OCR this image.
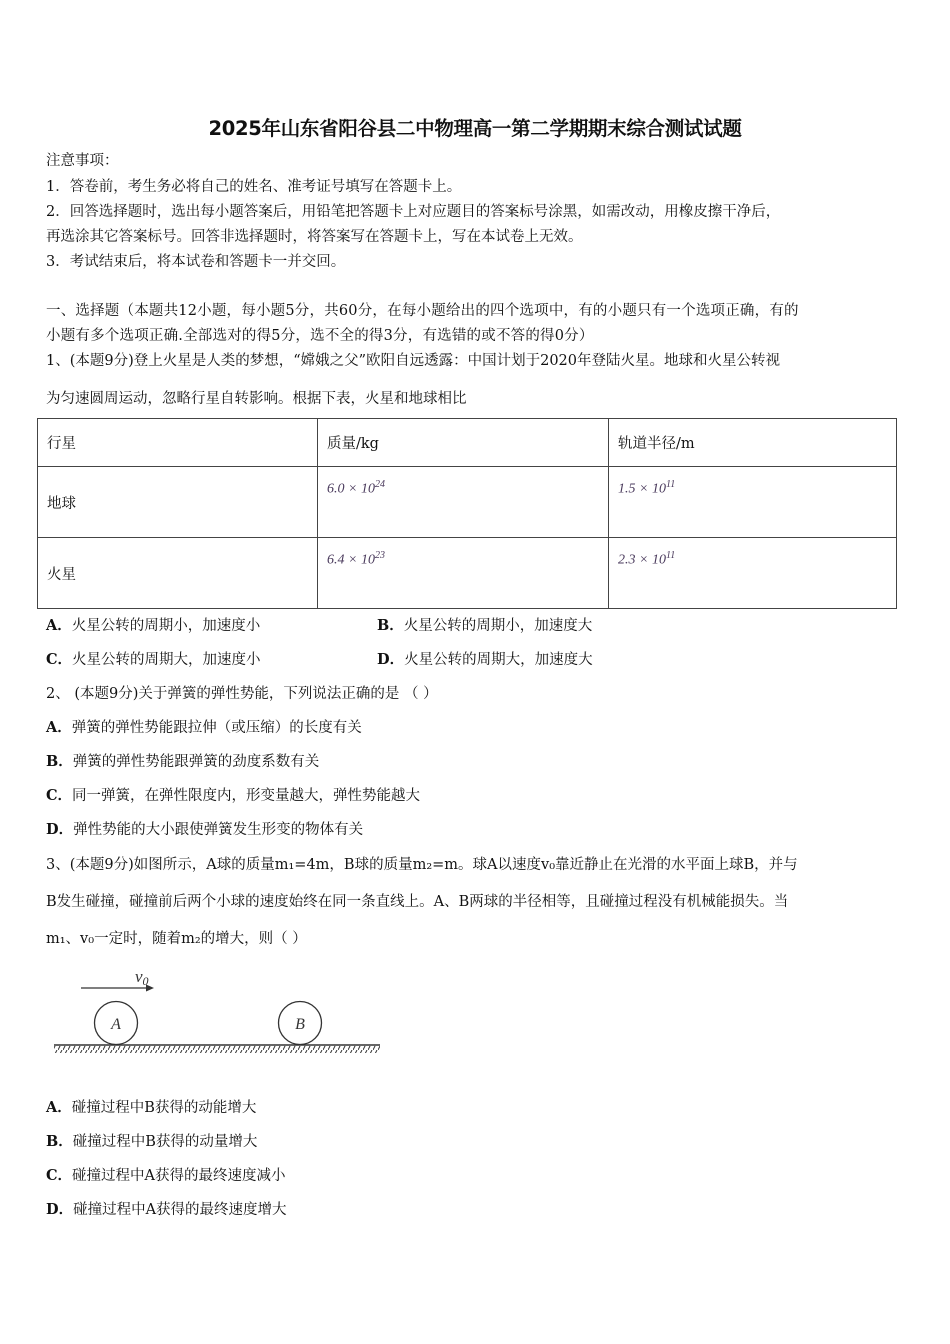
2025年山东省阳谷县二中物理高一第二学期期末综合测试试题
注意事项：
1．答卷前，考生务必将自己的姓名、准考证号填写在答题卡上。
2．回答选择题时，选出每小题答案后，用铅笔把答题卡上对应题目的答案标号涂黑，如需改动，用橡皮擦干净后，
再选涂其它答案标号。回答非选择题时，将答案写在答题卡上，写在本试卷上无效。
3．考试结束后，将本试卷和答题卡一并交回。
一、选择题（本题共12小题，每小题5分，共60分，在每小题给出的四个选项中，有的小题只有一个选项正确，有的
小题有多个选项正确.全部选对的得5分，选不全的得3分，有选错的或不答的得0分）
1、(本题9分)登上火星是人类的梦想，“嫦娥之父”欧阳自远透露：中国计划于2020年登陆火星。地球和火星公转视
为匀速圆周运动，忽略行星自转影响。根据下表，火星和地球相比
行星	质量/kg	轨道半径/m
地球	$6.0 \times 10^{24}$	$1.5 \times 10^{11}$
火星	$6.4 \times 10^{23}$	$2.3 \times 10^{11}$
A．火星公转的周期小，加速度小	B．火星公转的周期小，加速度大
C．火星公转的周期大，加速度小	D．火星公转的周期大，加速度大
2、 (本题9分)关于弹簧的弹性势能，下列说法正确的是 （ ）
A．弹簧的弹性势能跟拉伸（或压缩）的长度有关
B．弹簧的弹性势能跟弹簧的劲度系数有关
C．同一弹簧，在弹性限度内，形变量越大，弹性势能越大
D．弹性势能的大小跟使弹簧发生形变的物体有关
3、(本题9分)如图所示，A球的质量m₁=4m，B球的质量m₂=m。球A以速度v₀靠近静止在光滑的水平面上球B，并与
B发生碰撞，碰撞前后两个小球的速度始终在同一条直线上。A、B两球的半径相等，且碰撞过程没有机械能损失。当
m₁、v₀一定时，随着m₂的增大，则（ ）
v0
A	B
A．碰撞过程中B获得的动能增大
B．碰撞过程中B获得的动量增大
C．碰撞过程中A获得的最终速度减小
D．碰撞过程中A获得的最终速度增大
